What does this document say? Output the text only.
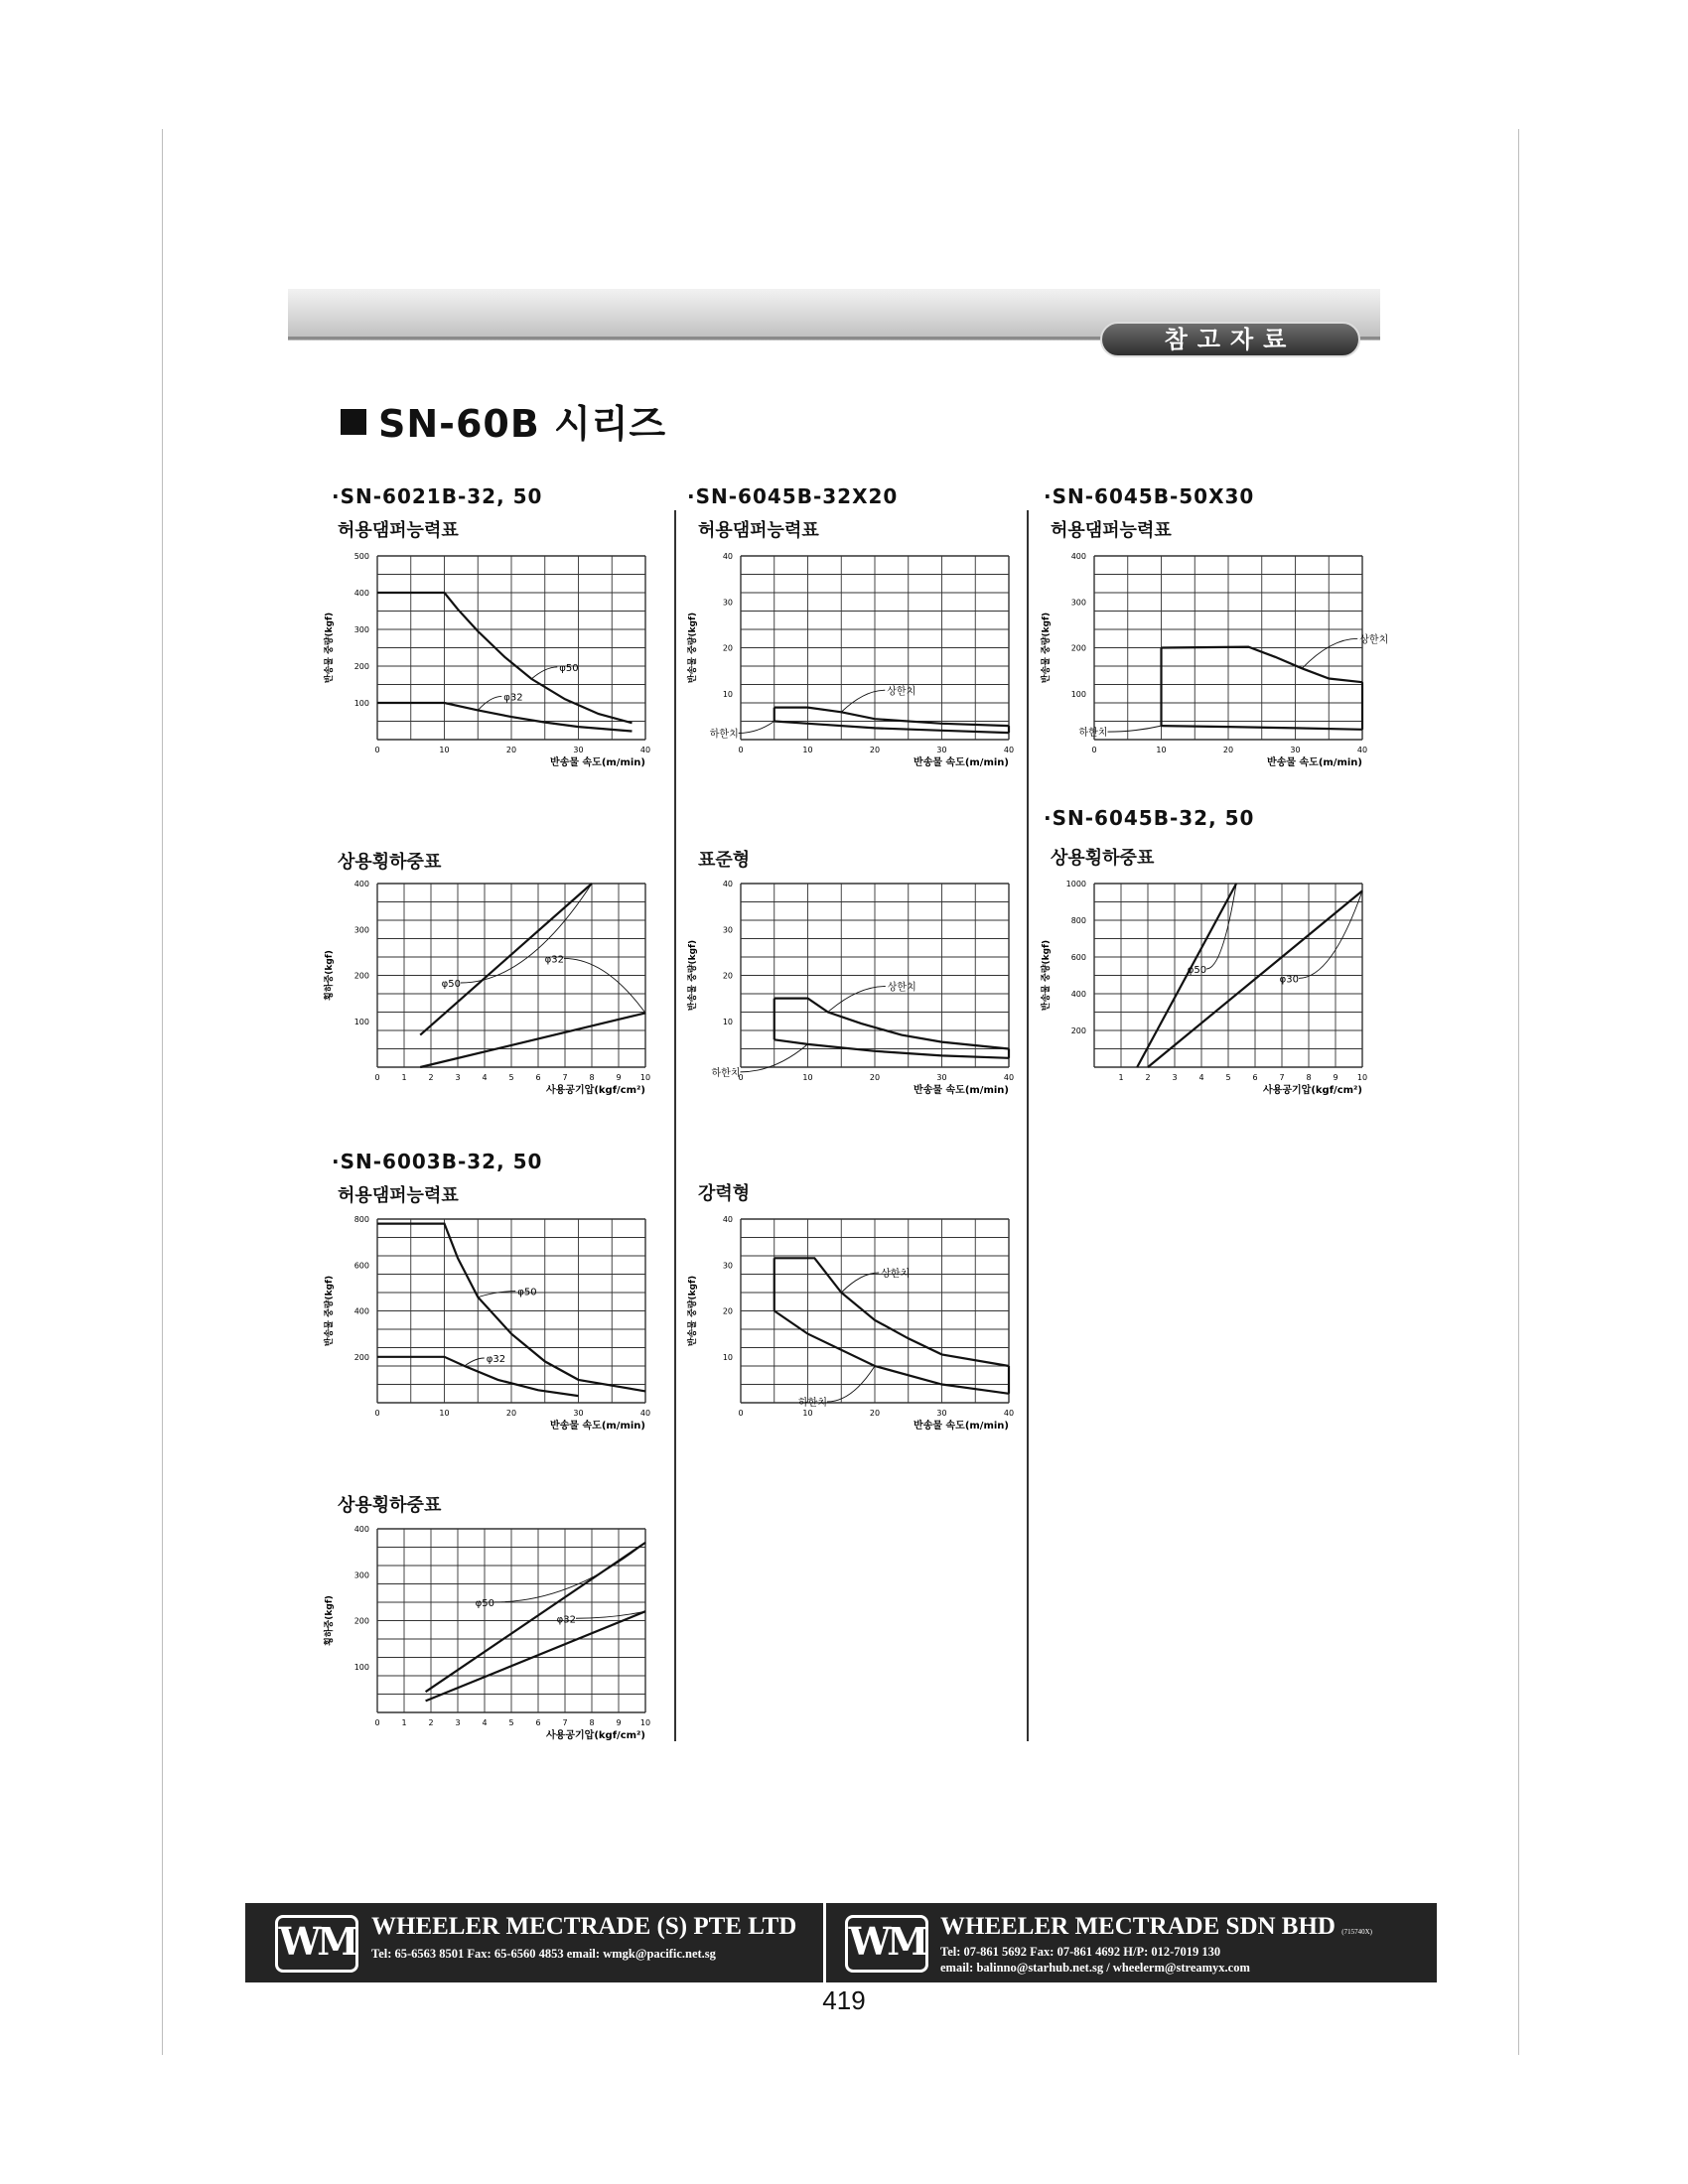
참고자료
SN-60B 시리즈
·SN-6021B-32, 50
허용댐퍼능력표
상용횡하중표
·SN-6003B-32, 50
허용댐퍼능력표
상용횡하중표
·SN-6045B-32X20
허용댐퍼능력표
표준형
강력형
·SN-6045B-50X30
허용댐퍼능력표
·SN-6045B-32, 50
상용횡하중표
반송물 중량(kgf)
0	10	20	30	40
100
200
300
400
500
반송물 속도(m/min)
φ50
φ32
반송물 중량(kgf)
0	10	20	30	40
10
20
30
40
반송물 속도(m/min)
상한치
하한치
반송물 중량(kgf)
0	10	20	30	40
100
200
300
400
반송물 속도(m/min)
상한치
하한치
횡하중(kgf)
0	1	2	3	4	5	6	7	8	9 10
100
200
300
400
사용공기압(kgf/cm²)
φ50
φ32	반송물 중량(kgf)
0	10	20	30	40
10
20
30
40
반송물 속도(m/min)
상한치
하한치
반송물 중량(kgf)
1	2	3	4	5	6	7	8	9 10
200
400
600
800
1000
사용공기압(kgf/cm²)
φ50
φ30
반송물 중량(kgf)
0	10	20	30	40
200
400
600
800
반송물 속도(m/min)
φ50
φ32
반송물 중량(kgf)
0	10	20	30	40
10
20
30
40
반송물 속도(m/min)
상한치
하한치
횡하중(kgf)
0	1	2	3	4	5	6	7	8	9 10
100
200
300
400
사용공기압(kgf/cm²)
φ50
φ32
WM WHEELER MECTRADE (S) PTE LTD
Tel: 65-6563 8501 Fax: 65-6560 4853 email: wmgk@pacific.net.sg	WM WHEELER MECTRADE SDN BHD (715740X)
Tel: 07-861 5692 Fax: 07-861 4692 H/P: 012-7019 130
email: balinno@starhub.net.sg / wheelerm@streamyx.com
419
